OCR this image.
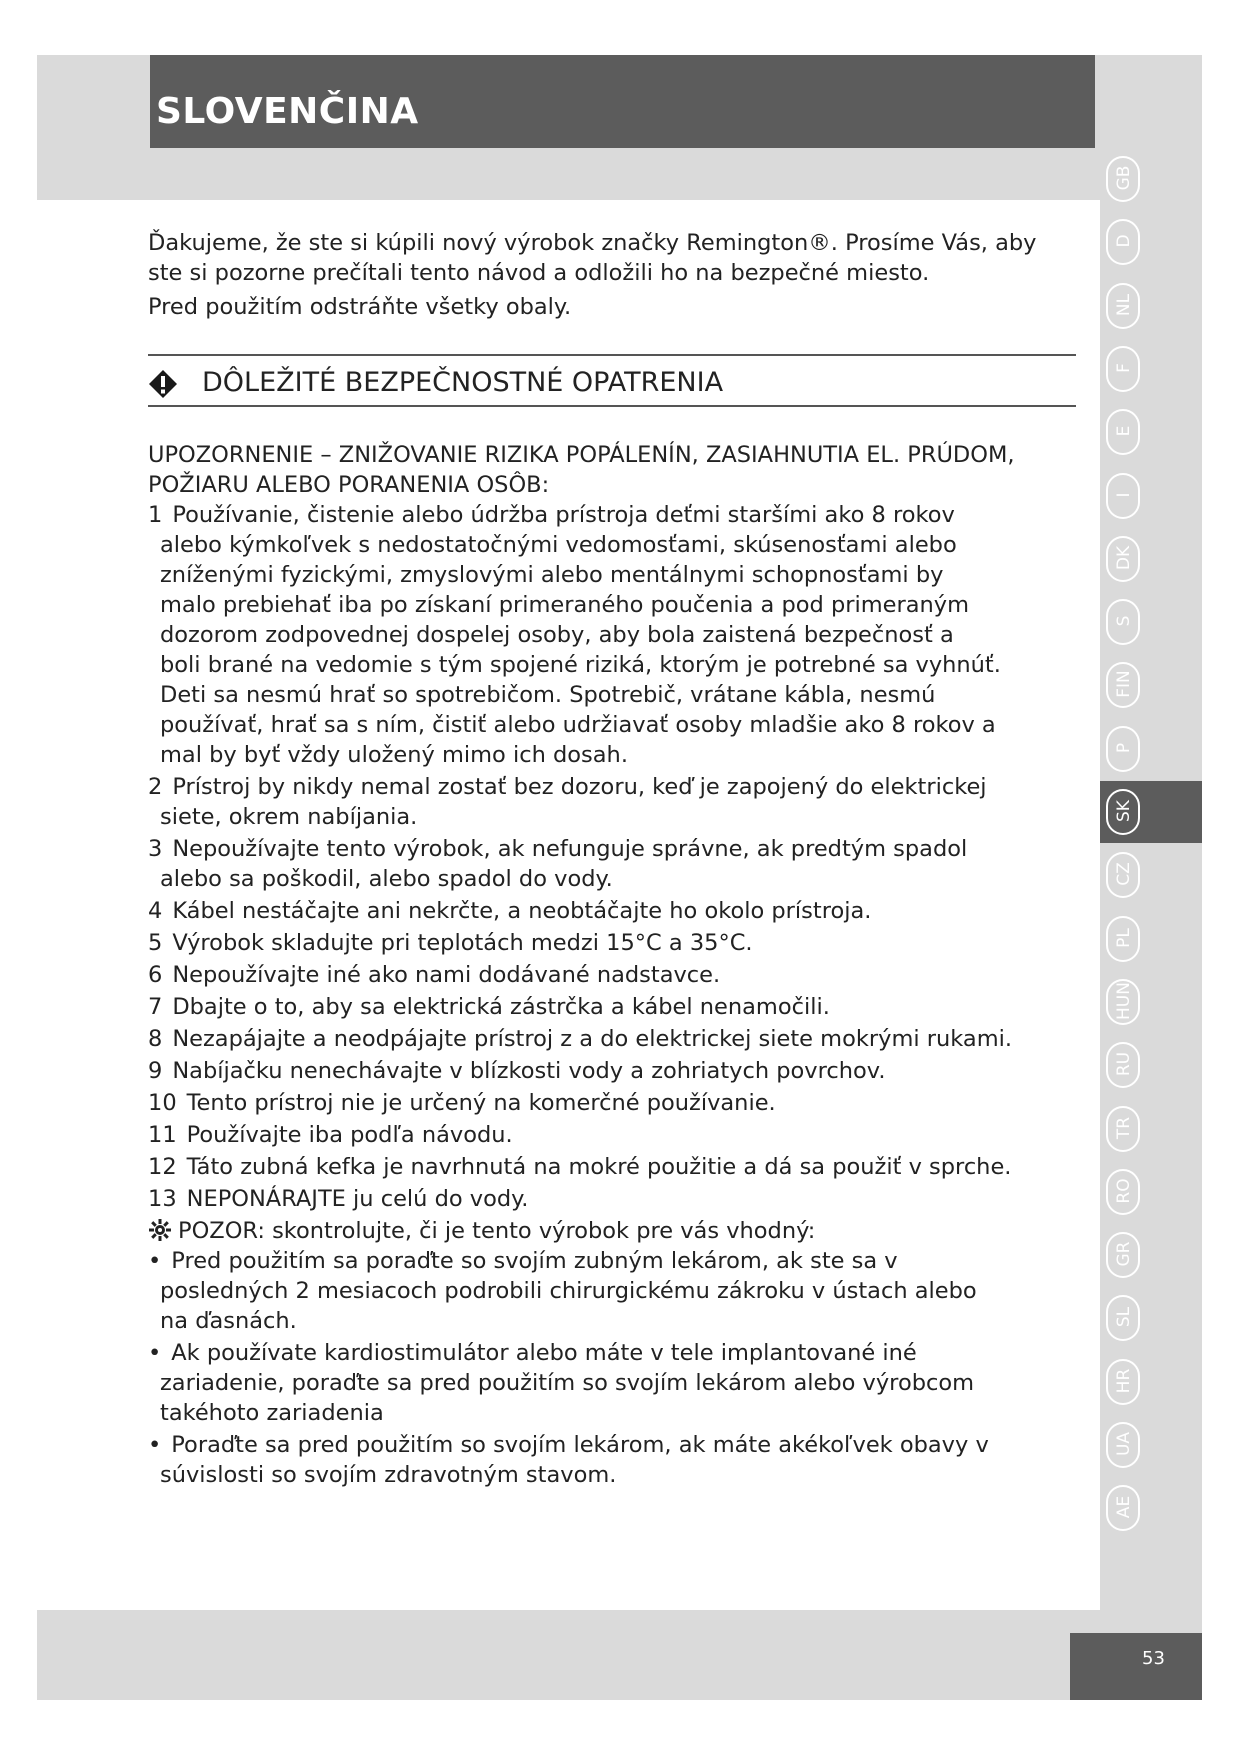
SLOVENČINA

Ďakujeme, že ste si kúpili nový výrobok značky Remington®. Prosíme Vás, aby

ste si pozorne prečítali tento návod a odložili ho na bezpečné miesto.

Pred použitím odstráňte všetky obaly.

DÔLEŽITÉ BEZPEČNOSTNÉ OPATRENIA
UPOZORNENIE – ZNIŽOVANIE RIZIKA POPÁLENÍN, ZASIAHNUTIA EL. PRÚDOM,
POŽIARU ALEBO PORANENIA OSÔB:
1 Používanie, čistenie alebo údržba prístroja deťmi staršími ako 8 rokov
alebo kýmkoľvek s nedostatočnými vedomosťami, skúsenosťami alebo
zníženými fyzickými, zmyslovými alebo mentálnymi schopnosťami by
malo prebiehať iba po získaní primeraného poučenia a pod primeraným
dozorom zodpovednej dospelej osoby, aby bola zaistená bezpečnosť a
boli brané na vedomie s tým spojené riziká, ktorým je potrebné sa vyhnúť.
Deti sa nesmú hrať so spotrebičom. Spotrebič, vrátane kábla, nesmú
používať, hrať sa s ním, čistiť alebo udržiavať osoby mladšie ako 8 rokov a
mal by byť vždy uložený mimo ich dosah.
2 Prístroj by nikdy nemal zostať bez dozoru, keď je zapojený do elektrickej
siete, okrem nabíjania.
3 Nepoužívajte tento výrobok, ak nefunguje správne, ak predtým spadol
alebo sa poškodil, alebo spadol do vody.
4 Kábel nestáčajte ani nekrčte, a neobtáčajte ho okolo prístroja.
5 Výrobok skladujte pri teplotách medzi 15°C a 35°C.
6 Nepoužívajte iné ako nami dodávané nadstavce.
7 Dbajte o to, aby sa elektrická zástrčka a kábel nenamočili.
8 Nezapájajte a neodpájajte prístroj z a do elektrickej siete mokrými rukami.
9 Nabíjačku nenechávajte v blízkosti vody a zohriatych povrchov.
10 Tento prístroj nie je určený na komerčné používanie.
11 Používajte iba podľa návodu.
12 Táto zubná kefka je navrhnutá na mokré použitie a dá sa použiť v sprche.
13 NEPONÁRAJTE ju celú do vody.
POZOR: skontrolujte, či je tento výrobok pre vás vhodný:
• Pred použitím sa poraďte so svojím zubným lekárom, ak ste sa v
posledných 2 mesiacoch podrobili chirurgickému zákroku v ústach alebo
na ďasnách.
• Ak používate kardiostimulátor alebo máte v tele implantované iné
zariadenie, poraďte sa pred použitím so svojím lekárom alebo výrobcom
takéhoto zariadenia
• Poraďte sa pred použitím so svojím lekárom, ak máte akékoľvek obavy v
súvislosti so svojím zdravotným stavom.
GB
D
NL
F
E
I
DK
S
FIN
P
SK
CZ
PL
HUN
RU
TR
RO
GR
SL
HR
UA
AE
53
